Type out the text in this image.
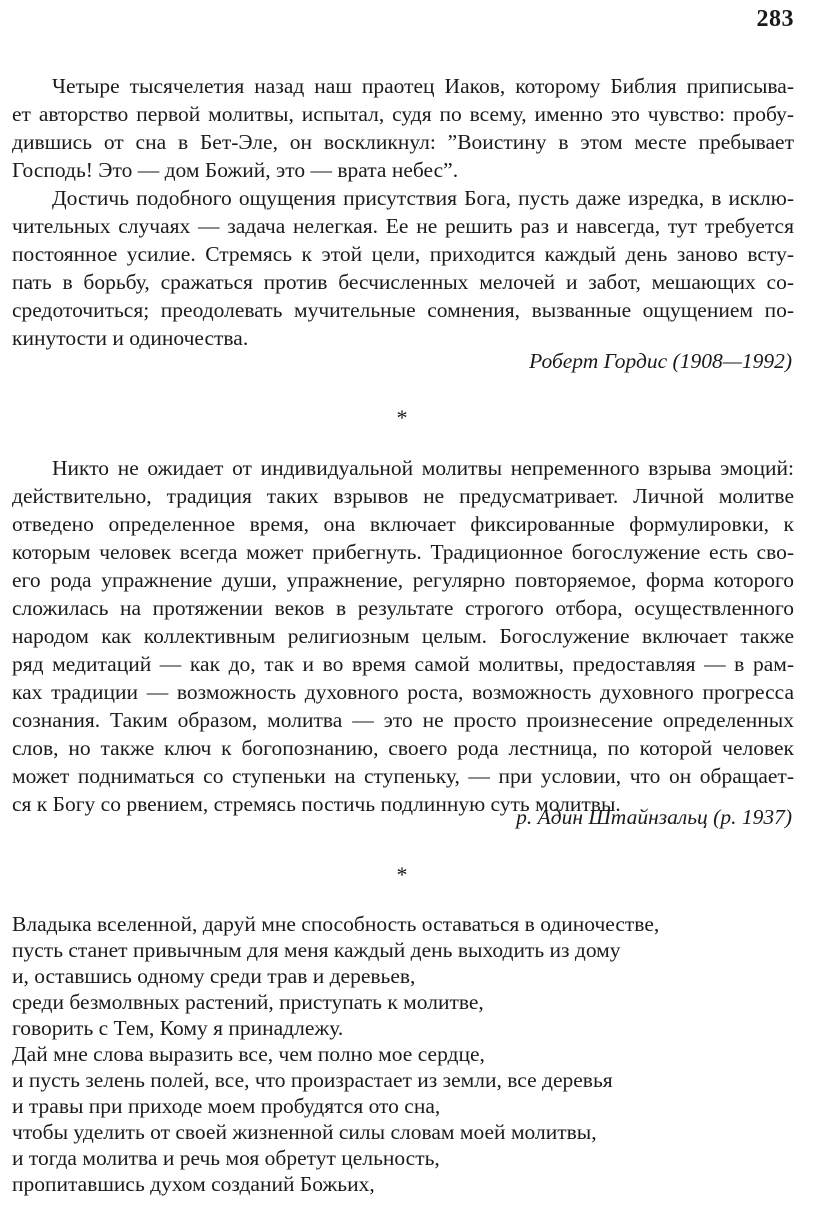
283
Четыре тысячелетия назад наш праотец Иаков, которому Библия приписыва-
ет авторство первой молитвы, испытал, судя по всему, именно это чувство: пробу-
дившись от сна в Бет-Эле, он воскликнул: ”Воистину в этом месте пребывает
Господь! Это — дом Божий, это — врата небес”.
Достичь подобного ощущения присутствия Бога, пусть даже изредка, в исклю-
чительных случаях — задача нелегкая. Ее не решить раз и навсегда, тут требуется
постоянное усилие. Стремясь к этой цели, приходится каждый день заново всту-
пать в борьбу, сражаться против бесчисленных мелочей и забот, мешающих со-
средоточиться; преодолевать мучительные сомнения, вызванные ощущением по-
кинутости и одиночества.
Роберт Гордис (1908—1992)
*
Никто не ожидает от индивидуальной молитвы непременного взрыва эмоций:
действительно, традиция таких взрывов не предусматривает. Личной молитве
отведено определенное время, она включает фиксированные формулировки, к
которым человек всегда может прибегнуть. Традиционное богослужение есть сво-
его рода упражнение души, упражнение, регулярно повторяемое, форма которого
сложилась на протяжении веков в результате строгого отбора, осуществленного
народом как коллективным религиозным целым. Богослужение включает также
ряд медитаций — как до, так и во время самой молитвы, предоставляя — в рам-
ках традиции — возможность духовного роста, возможность духовного прогресса
сознания. Таким образом, молитва — это не просто произнесение определенных
слов, но также ключ к богопознанию, своего рода лестница, по которой человек
может подниматься со ступеньки на ступеньку, — при условии, что он обращает-
ся к Богу со рвением, стремясь постичь подлинную суть молитвы.
р. Адин Штайнзальц (р. 1937)
*
Владыка вселенной, даруй мне способность оставаться в одиночестве,
пусть станет привычным для меня каждый день выходить из дому
и, оставшись одному среди трав и деревьев,
среди безмолвных растений, приступать к молитве,
говорить с Тем, Кому я принадлежу.
Дай мне слова выразить все, чем полно мое сердце,
и пусть зелень полей, все, что произрастает из земли, все деревья
и травы при приходе моем пробудятся ото сна,
чтобы уделить от своей жизненной силы словам моей молитвы,
и тогда молитва и речь моя обретут цельность,
пропитавшись духом созданий Божьих,
